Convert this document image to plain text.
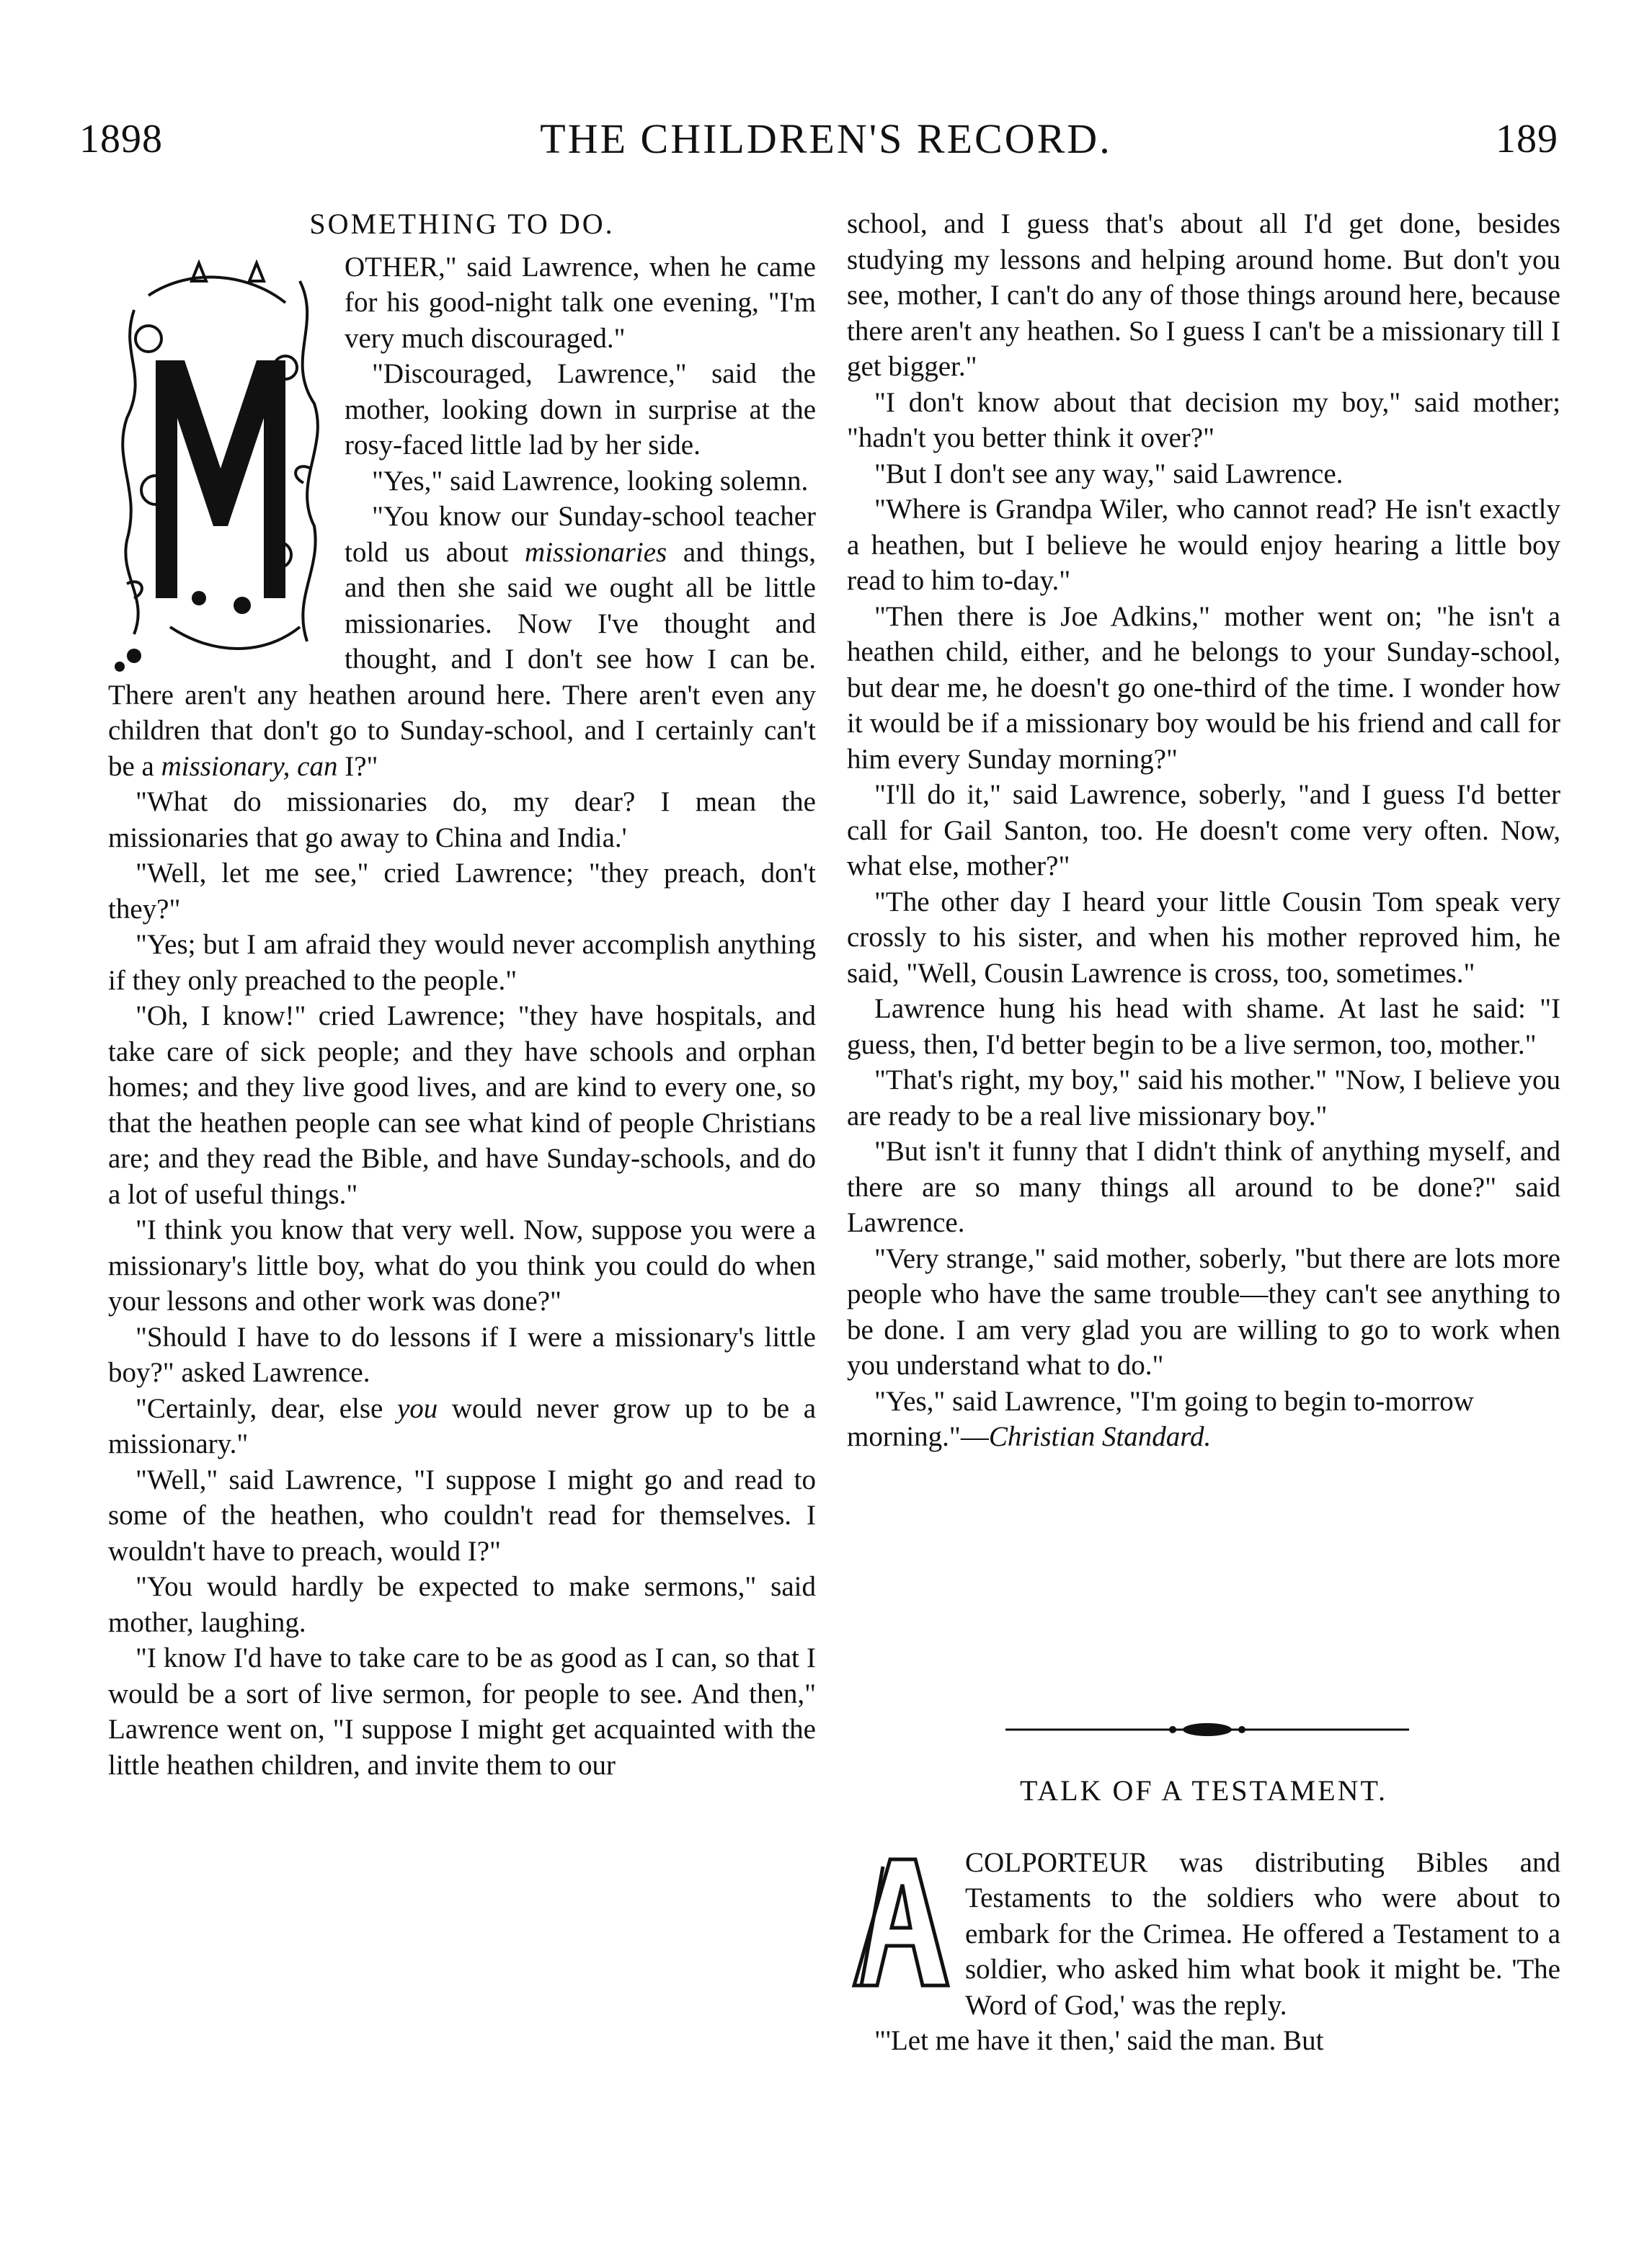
1898	THE CHILDREN'S RECORD.	189
SOMETHING TO DO.

OTHER," said Lawrence, when he came for his good-night talk one evening, "I'm very much discouraged."

"Discouraged, Lawrence," said the mother, looking down in surprise at the rosy-faced little lad by her side.

"Yes," said Lawrence, looking solemn.

"You know our Sunday-school teacher told us about missionaries and things, and then she said we ought all be little missionaries. Now I've thought and thought, and I don't see how I can be. There aren't any heathen around here. There aren't even any children that don't go to Sunday-school, and I certainly can't be a missionary, can I?"

"What do missionaries do, my dear? I mean the missionaries that go away to China and India.'

"Well, let me see," cried Lawrence; "they preach, don't they?"

"Yes; but I am afraid they would never accomplish anything if they only preached to the people."

"Oh, I know!" cried Lawrence; "they have hospitals, and take care of sick people; and they have schools and orphan homes; and they live good lives, and are kind to every one, so that the heathen people can see what kind of people Christians are; and they read the Bible, and have Sunday-schools, and do a lot of useful things."

"I think you know that very well. Now, suppose you were a missionary's little boy, what do you think you could do when your lessons and other work was done?"

"Should I have to do lessons if I were a missionary's little boy?" asked Lawrence.

"Certainly, dear, else you would never grow up to be a missionary."

"Well," said Lawrence, "I suppose I might go and read to some of the heathen, who couldn't read for themselves. I wouldn't have to preach, would I?"

"You would hardly be expected to make sermons," said mother, laughing.

"I know I'd have to take care to be as good as I can, so that I would be a sort of live sermon, for people to see. And then," Lawrence went on, "I suppose I might get acquainted with the little heathen children, and invite them to our

school, and I guess that's about all I'd get done, besides studying my lessons and helping around home. But don't you see, mother, I can't do any of those things around here, because there aren't any heathen. So I guess I can't be a missionary till I get bigger."

"I don't know about that decision my boy," said mother; "hadn't you better think it over?"

"But I don't see any way," said Lawrence.

"Where is Grandpa Wiler, who cannot read? He isn't exactly a heathen, but I believe he would enjoy hearing a little boy read to him to-day."

"Then there is Joe Adkins," mother went on; "he isn't a heathen child, either, and he belongs to your Sunday-school, but dear me, he doesn't go one-third of the time. I wonder how it would be if a missionary boy would be his friend and call for him every Sunday morning?"

"I'll do it," said Lawrence, soberly, "and I guess I'd better call for Gail Santon, too. He doesn't come very often. Now, what else, mother?"

"The other day I heard your little Cousin Tom speak very crossly to his sister, and when his mother reproved him, he said, "Well, Cousin Lawrence is cross, too, sometimes."

Lawrence hung his head with shame. At last he said: "I guess, then, I'd better begin to be a live sermon, too, mother."

"That's right, my boy," said his mother." "Now, I believe you are ready to be a real live missionary boy."

"But isn't it funny that I didn't think of anything myself, and there are so many things all around to be done?" said Lawrence.

"Very strange," said mother, soberly, "but there are lots more people who have the same trouble—they can't see anything to be done. I am very glad you are willing to go to work when you understand what to do."

"Yes," said Lawrence, "I'm going to begin to-morrow morning."—Christian Standard.

TALK OF A TESTAMENT.

COLPORTEUR was distributing Bibles and Testaments to the soldiers who were about to embark for the Crimea. He offered a Testament to a soldier, who asked him what book it might be. 'The Word of God,' was the reply.

"'Let me have it then,' said the man. But
